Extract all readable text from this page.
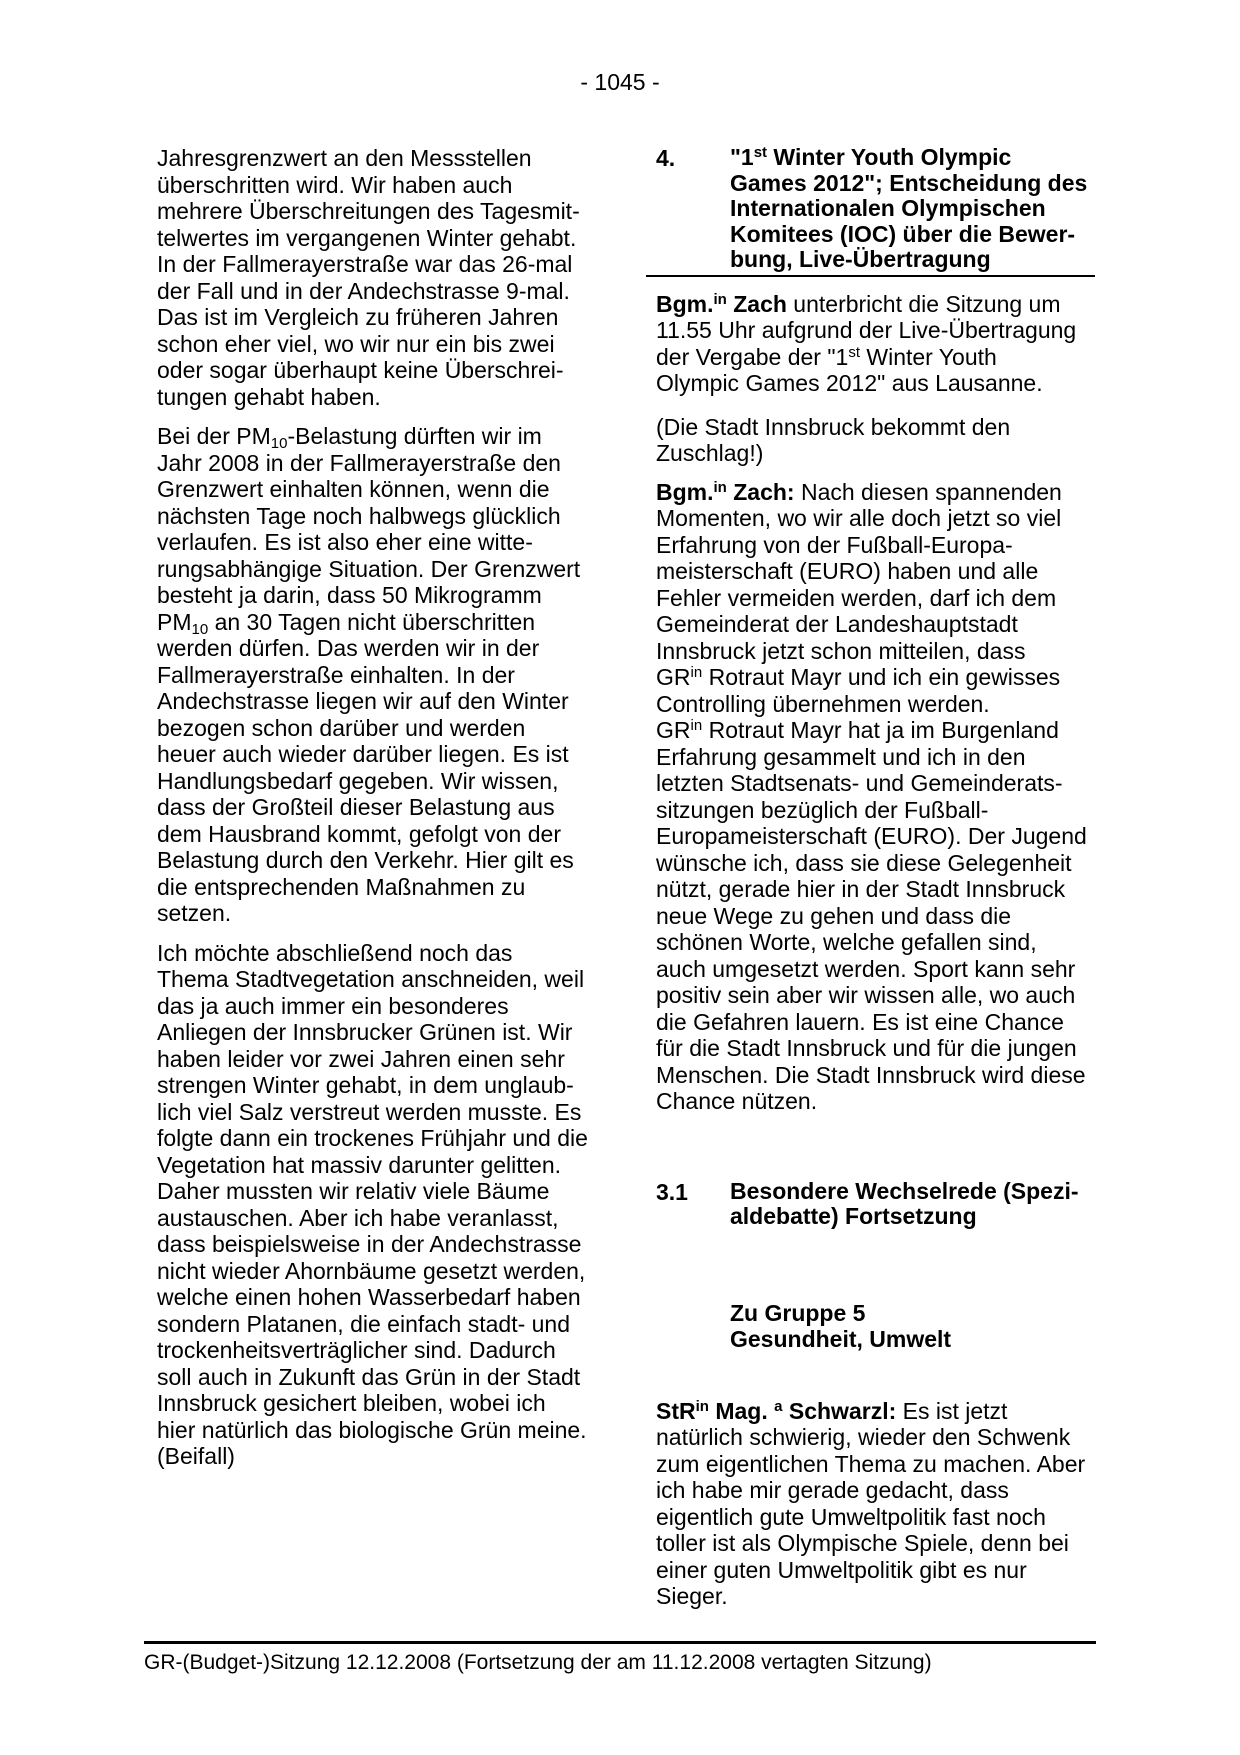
- 1045 -
Jahresgrenzwert an den Messstellen
überschritten wird. Wir haben auch
mehrere Überschreitungen des Tagesmit-
telwertes im vergangenen Winter gehabt.
In der Fallmerayerstraße war das 26-mal
der Fall und in der Andechstrasse 9-mal.
Das ist im Vergleich zu früheren Jahren
schon eher viel, wo wir nur ein bis zwei
oder sogar überhaupt keine Überschrei-
tungen gehabt haben.
Bei der $PM_{10}$-Belastung dürften wir im
Jahr 2008 in der Fallmerayerstraße den
Grenzwert einhalten können, wenn die
nächsten Tage noch halbwegs glücklich
verlaufen. Es ist also eher eine witte-
rungsabhängige Situation. Der Grenzwert
besteht ja darin, dass 50 Mikrogramm
$PM_{10}$ an 30 Tagen nicht überschritten
werden dürfen. Das werden wir in der
Fallmerayerstraße einhalten. In der
Andechstrasse liegen wir auf den Winter
bezogen schon darüber und werden
heuer auch wieder darüber liegen. Es ist
Handlungsbedarf gegeben. Wir wissen,
dass der Großteil dieser Belastung aus
dem Hausbrand kommt, gefolgt von der
Belastung durch den Verkehr. Hier gilt es
die entsprechenden Maßnahmen zu
setzen.
Ich möchte abschließend noch das
Thema Stadtvegetation anschneiden, weil
das ja auch immer ein besonderes
Anliegen der Innsbrucker Grünen ist. Wir
haben leider vor zwei Jahren einen sehr
strengen Winter gehabt, in dem unglaub-
lich viel Salz verstreut werden musste. Es
folgte dann ein trockenes Frühjahr und die
Vegetation hat massiv darunter gelitten.
Daher mussten wir relativ viele Bäume
austauschen. Aber ich habe veranlasst,
dass beispielsweise in der Andechstrasse
nicht wieder Ahornbäume gesetzt werden,
welche einen hohen Wasserbedarf haben
sondern Platanen, die einfach stadt- und
trockenheitsverträglicher sind. Dadurch
soll auch in Zukunft das Grün in der Stadt
Innsbruck gesichert bleiben, wobei ich
hier natürlich das biologische Grün meine.
(Beifall)
4.	"1st Winter Youth Olympic
Games 2012"; Entscheidung des
Internationalen Olympischen
Komitees (IOC) über die Bewer-
bung, Live-Übertragung
Bgm.$^{in}$ Zach unterbricht die Sitzung um
11.55 Uhr aufgrund der Live-Übertragung
der Vergabe der "1st Winter Youth
Olympic Games 2012" aus Lausanne.
(Die Stadt Innsbruck bekommt den
Zuschlag!)
Bgm.$^{in}$ Zach: Nach diesen spannenden
Momenten, wo wir alle doch jetzt so viel
Erfahrung von der Fußball-Europa-
meisterschaft (EURO) haben und alle
Fehler vermeiden werden, darf ich dem
Gemeinderat der Landeshauptstadt
Innsbruck jetzt schon mitteilen, dass
$GR^{in}$ Rotraut Mayr und ich ein gewisses
Controlling übernehmen werden.
$GR^{in}$ Rotraut Mayr hat ja im Burgenland
Erfahrung gesammelt und ich in den
letzten Stadtsenats- und Gemeinderats-
sitzungen bezüglich der Fußball-
Europameisterschaft (EURO). Der Jugend
wünsche ich, dass sie diese Gelegenheit
nützt, gerade hier in der Stadt Innsbruck
neue Wege zu gehen und dass die
schönen Worte, welche gefallen sind,
auch umgesetzt werden. Sport kann sehr
positiv sein aber wir wissen alle, wo auch
die Gefahren lauern. Es ist eine Chance
für die Stadt Innsbruck und für die jungen
Menschen. Die Stadt Innsbruck wird diese
Chance nützen.
3.1	Besondere Wechselrede (Spezi-
aldebatte) Fortsetzung
Zu Gruppe 5
Gesundheit, Umwelt
StR$^{in}$ Mag. $^a$ Schwarzl: Es ist jetzt
natürlich schwierig, wieder den Schwenk
zum eigentlichen Thema zu machen. Aber
ich habe mir gerade gedacht, dass
eigentlich gute Umweltpolitik fast noch
toller ist als Olympische Spiele, denn bei
einer guten Umweltpolitik gibt es nur
Sieger.
GR-(Budget-)Sitzung 12.12.2008 (Fortsetzung der am 11.12.2008 vertagten Sitzung)
